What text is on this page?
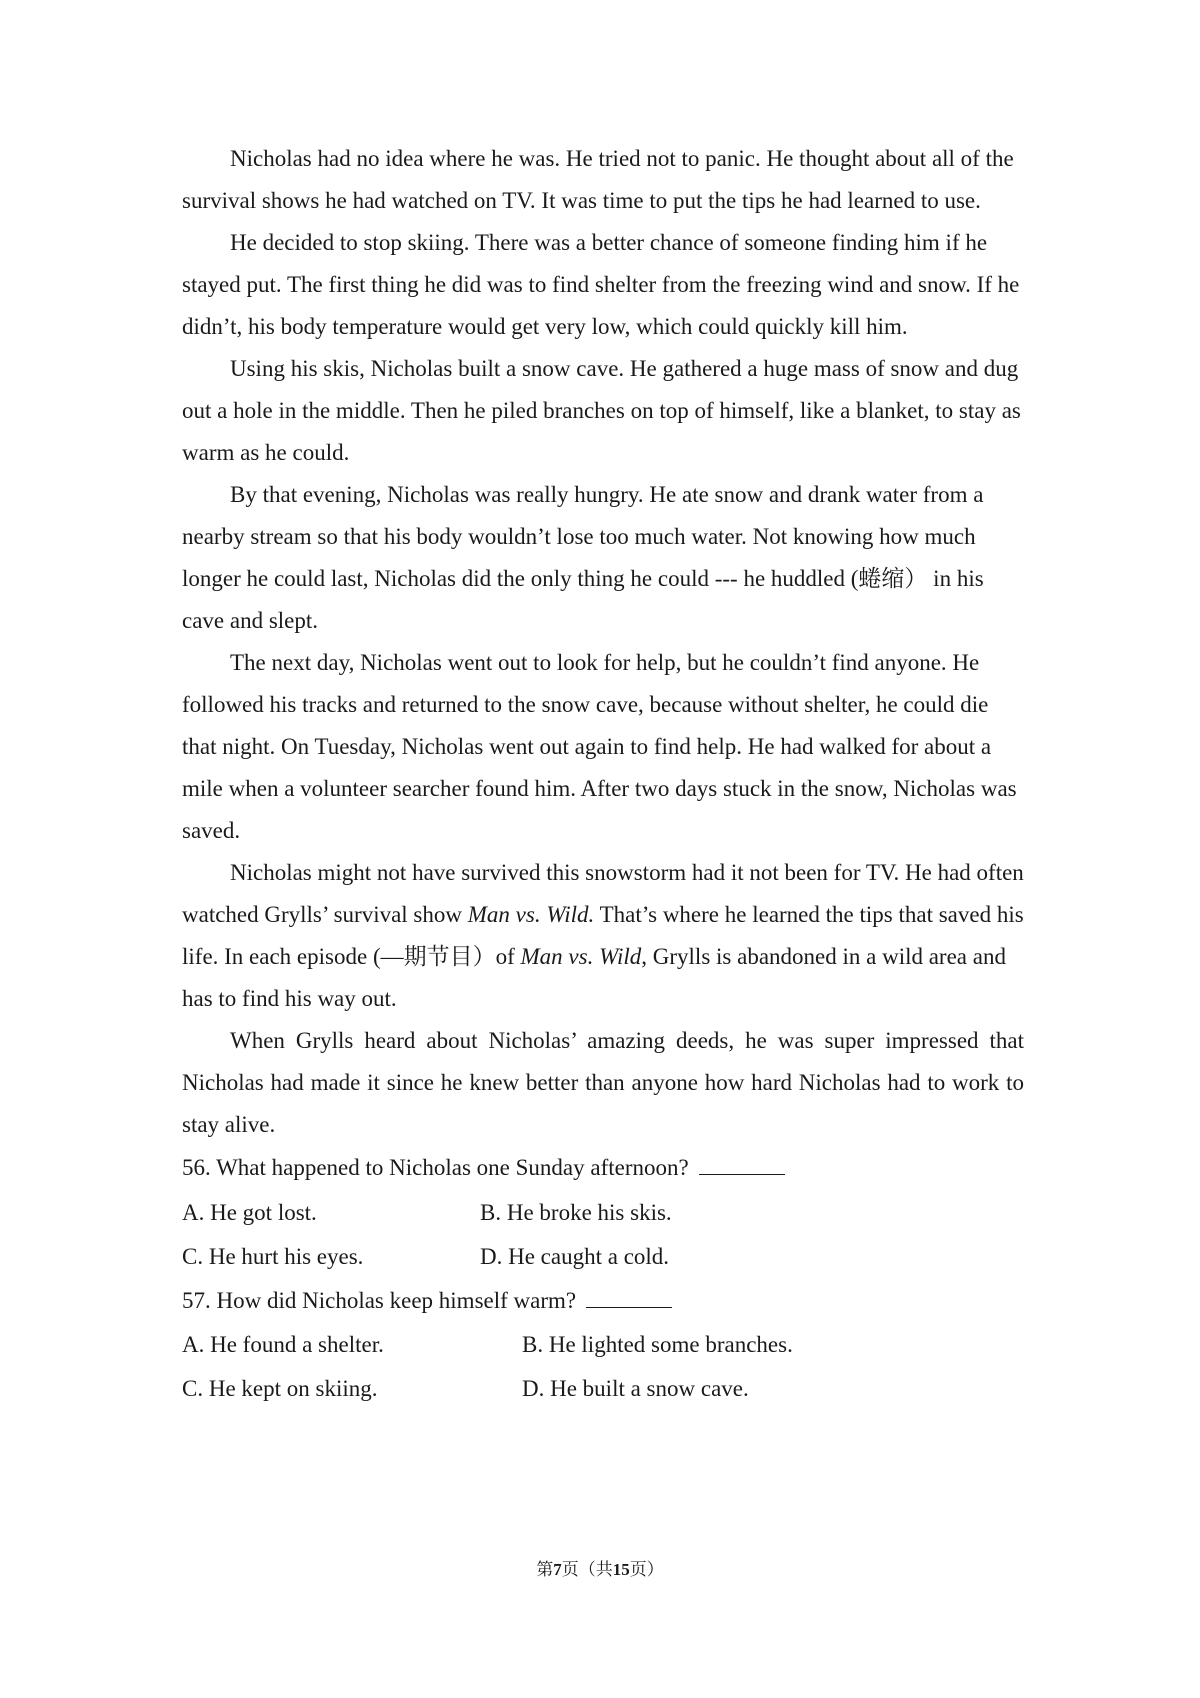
Nicholas had no idea where he was. He tried not to panic. He thought about all of the survival shows he had watched on TV. It was time to put the tips he had learned to use.

He decided to stop skiing. There was a better chance of someone finding him if he stayed put. The first thing he did was to find shelter from the freezing wind and snow. If he didn’t, his body temperature would get very low, which could quickly kill him.

Using his skis, Nicholas built a snow cave. He gathered a huge mass of snow and dug out a hole in the middle. Then he piled branches on top of himself, like a blanket, to stay as warm as he could.

By that evening, Nicholas was really hungry. He ate snow and drank water from a nearby stream so that his body wouldn’t lose too much water. Not knowing how much longer he could last, Nicholas did the only thing he could --- he huddled (蜷缩） in his cave and slept.

The next day, Nicholas went out to look for help, but he couldn’t find anyone. He followed his tracks and returned to the snow cave, because without shelter, he could die that night. On Tuesday, Nicholas went out again to find help. He had walked for about a mile when a volunteer searcher found him. After two days stuck in the snow, Nicholas was saved.

Nicholas might not have survived this snowstorm had it not been for TV. He had often watched Grylls’ survival show Man vs. Wild. That’s where he learned the tips that saved his life. In each episode (—期节目）of Man vs. Wild, Grylls is abandoned in a wild area and has to find his way out.

When Grylls heard about Nicholas’ amazing deeds, he was super impressed that Nicholas had made it since he knew better than anyone how hard Nicholas had to work to stay alive.

56. What happened to Nicholas one Sunday afternoon?
A. He got lost.	B. He broke his skis.
C. He hurt his eyes.	D. He caught a cold.
57. How did Nicholas keep himself warm?
A. He found a shelter.	B. He lighted some branches.
C. He kept on skiing.	D. He built a snow cave.
第7页（共15页）
